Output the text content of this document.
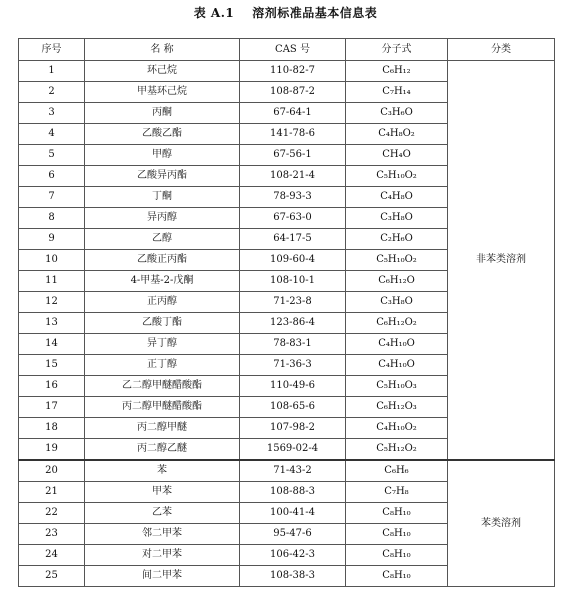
表 A.1 溶剂标准品基本信息表
序号	名 称	CAS 号	分子式	分类
1	环己烷	110-82-7	C₆H₁₂	非苯类溶剂
2	甲基环己烷	108-87-2	C₇H₁₄	
3	丙酮	67-64-1	C₃H₆O	
4	乙酸乙酯	141-78-6	C₄H₈O₂	
5	甲醇	67-56-1	CH₄O	
6	乙酸异丙酯	108-21-4	C₅H₁₀O₂	
7	丁酮	78-93-3	C₄H₈O	
8	异丙醇	67-63-0	C₃H₈O	
9	乙醇	64-17-5	C₂H₆O	
10	乙酸正丙酯	109-60-4	C₅H₁₀O₂	
11	4-甲基-2-戊酮	108-10-1	C₆H₁₂O	
12	正丙醇	71-23-8	C₃H₈O	
13	乙酸丁酯	123-86-4	C₆H₁₂O₂	
14	异丁醇	78-83-1	C₄H₁₀O	
15	正丁醇	71-36-3	C₄H₁₀O	
16	乙二醇甲醚醋酸酯	110-49-6	C₅H₁₀O₃	
17	丙二醇甲醚醋酸酯	108-65-6	C₆H₁₂O₃	
18	丙二醇甲醚	107-98-2	C₄H₁₀O₂	
19	丙二醇乙醚	1569-02-4	C₅H₁₂O₂	
20	苯	71-43-2	C₆H₆	苯类溶剂
21	甲苯	108-88-3	C₇H₈	
22	乙苯	100-41-4	C₈H₁₀	
23	邻二甲苯	95-47-6	C₈H₁₀	
24	对二甲苯	106-42-3	C₈H₁₀	
25	间二甲苯	108-38-3	C₈H₁₀	
